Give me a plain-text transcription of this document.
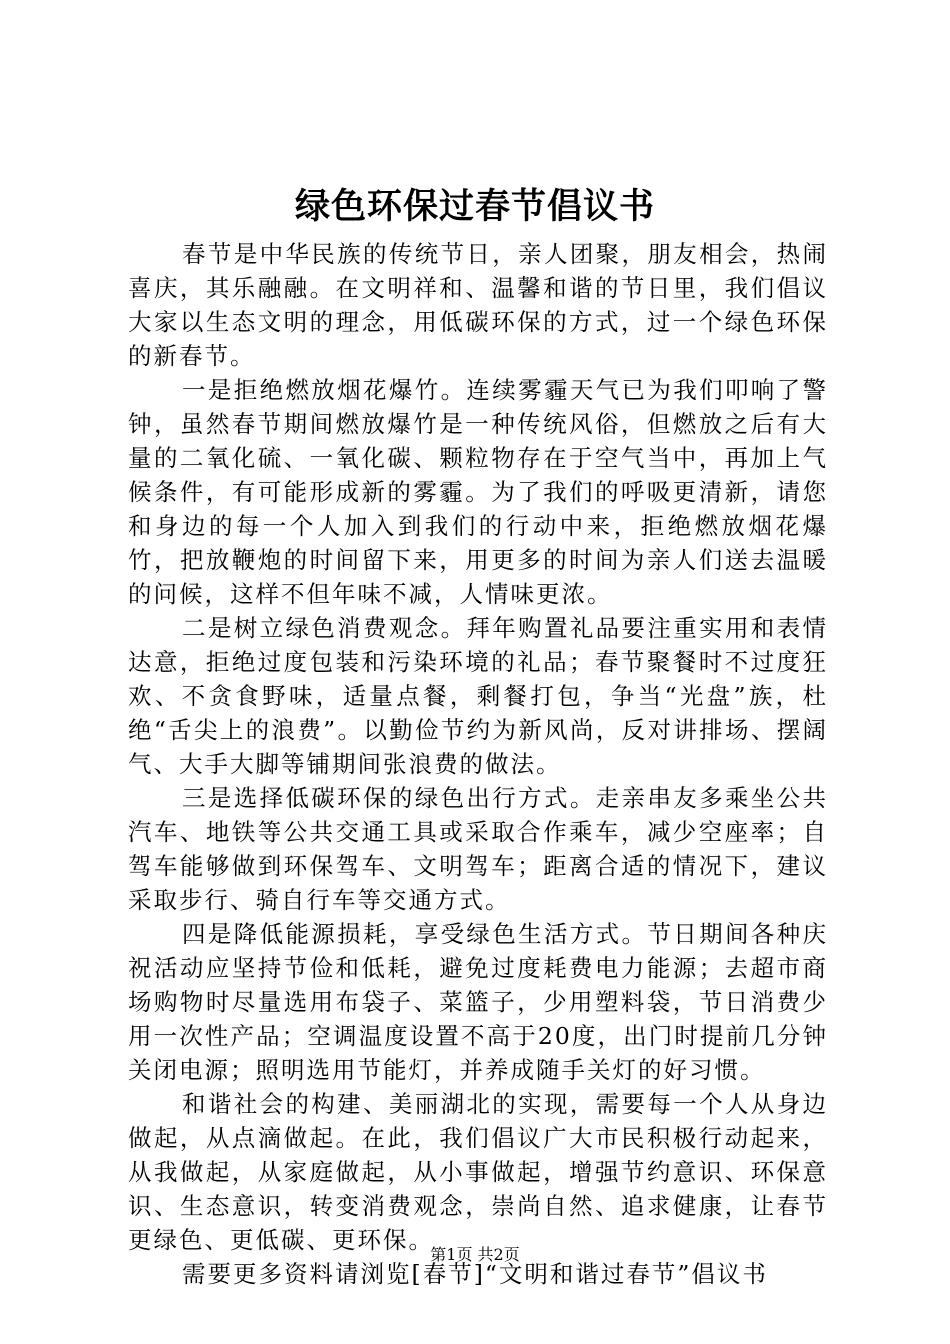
绿色环保过春节倡议书

春节是中华民族的传统节日，亲人团聚，朋友相会，热闹喜庆，其乐融融。在文明祥和、温馨和谐的节日里，我们倡议大家以生态文明的理念，用低碳环保的方式，过一个绿色环保的新春节。

一是拒绝燃放烟花爆竹。连续雾霾天气已为我们叩响了警钟，虽然春节期间燃放爆竹是一种传统风俗，但燃放之后有大量的二氧化硫、一氧化碳、颗粒物存在于空气当中，再加上气候条件，有可能形成新的雾霾。为了我们的呼吸更清新，请您和身边的每一个人加入到我们的行动中来，拒绝燃放烟花爆竹，把放鞭炮的时间留下来，用更多的时间为亲人们送去温暖的问候，这样不但年味不减，人情味更浓。

二是树立绿色消费观念。拜年购置礼品要注重实用和表情达意，拒绝过度包装和污染环境的礼品；春节聚餐时不过度狂欢、不贪食野味，适量点餐，剩餐打包，争当“光盘”族，杜绝“舌尖上的浪费”。以勤俭节约为新风尚，反对讲排场、摆阔气、大手大脚等铺期间张浪费的做法。

三是选择低碳环保的绿色出行方式。走亲串友多乘坐公共汽车、地铁等公共交通工具或采取合作乘车，减少空座率；自驾车能够做到环保驾车、文明驾车；距离合适的情况下，建议采取步行、骑自行车等交通方式。

四是降低能源损耗，享受绿色生活方式。节日期间各种庆祝活动应坚持节俭和低耗，避免过度耗费电力能源；去超市商场购物时尽量选用布袋子、菜篮子，少用塑料袋，节日消费少用一次性产品；空调温度设置不高于20度，出门时提前几分钟关闭电源；照明选用节能灯，并养成随手关灯的好习惯。

和谐社会的构建、美丽湖北的实现，需要每一个人从身边做起，从点滴做起。在此，我们倡议广大市民积极行动起来，从我做起，从家庭做起，从小事做起，增强节约意识、环保意识、生态意识，转变消费观念，崇尚自然、追求健康，让春节更绿色、更低碳、更环保。

需要更多资料请浏览[春节]“文明和谐过春节”倡议书

第1页 共2页
